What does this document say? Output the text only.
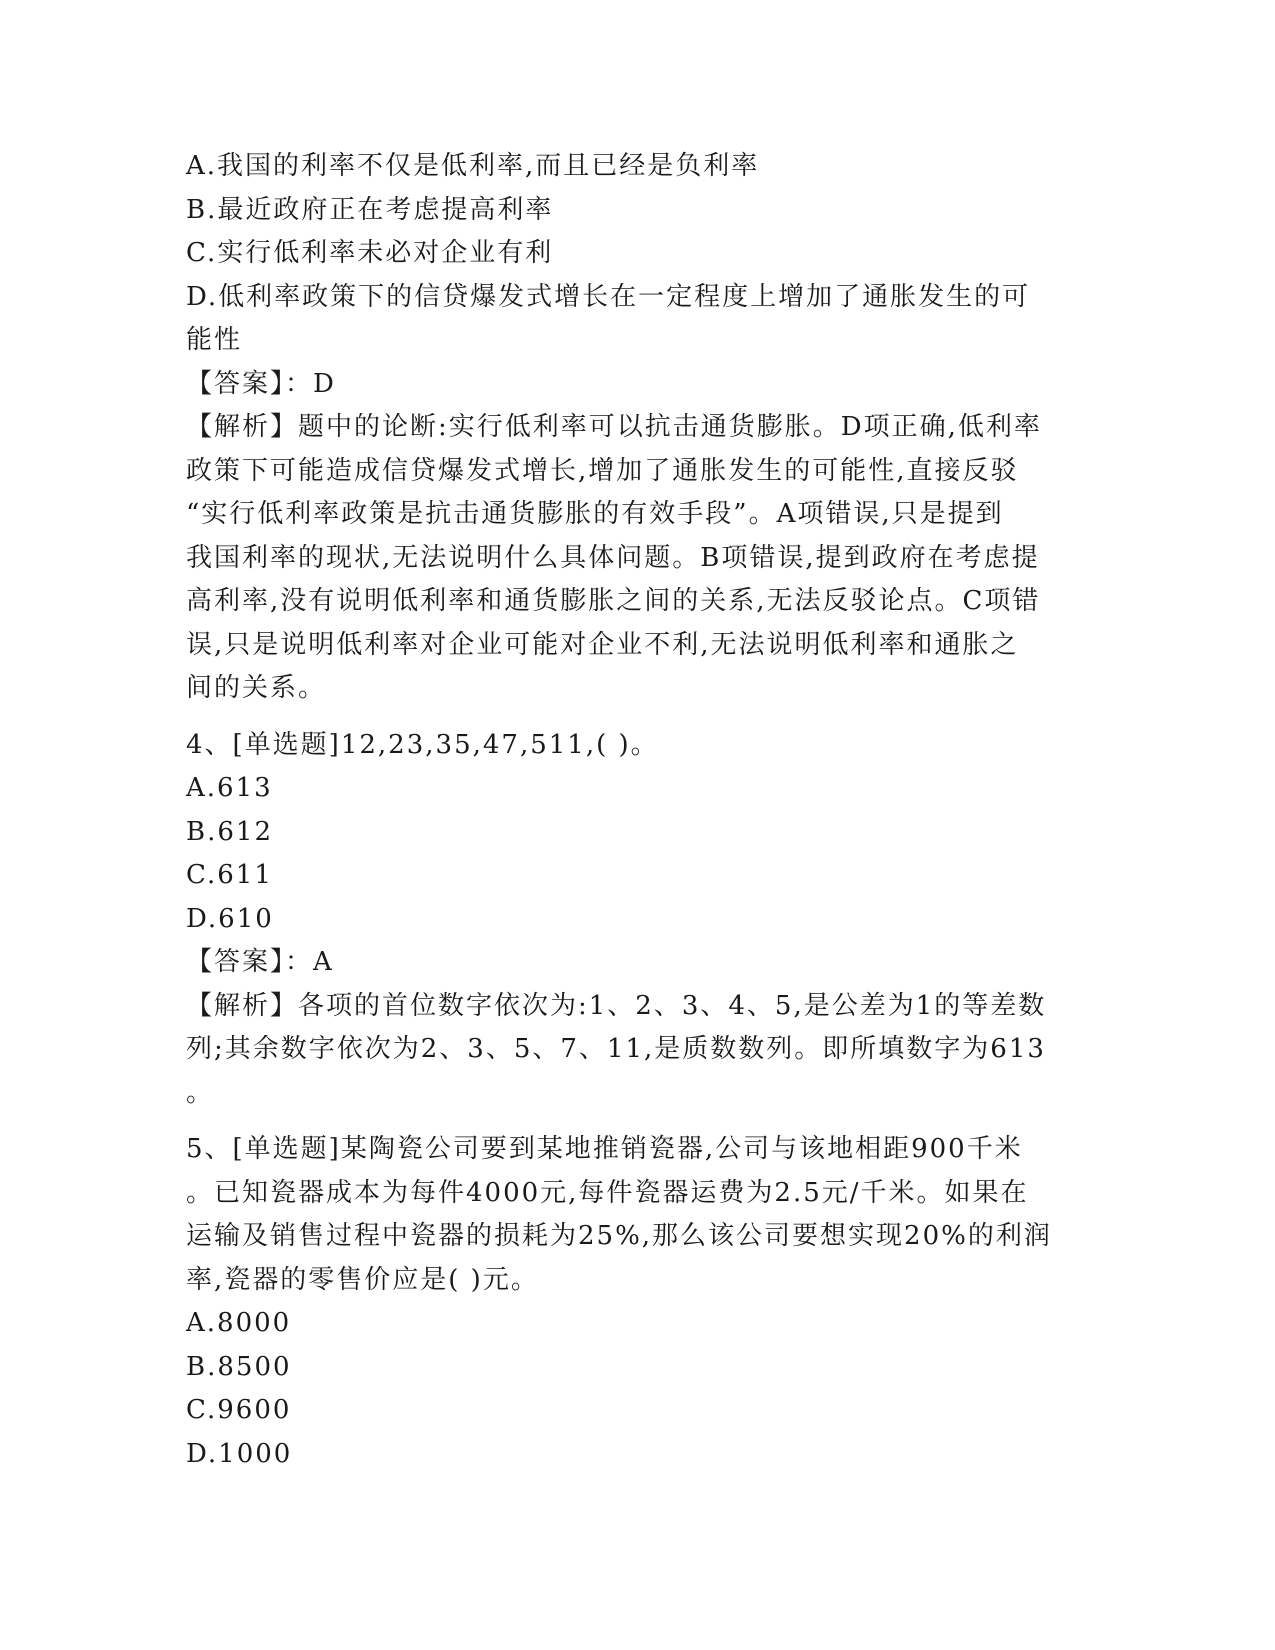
A.我国的利率不仅是低利率,而且已经是负利率
B.最近政府正在考虑提高利率
C.实行低利率未必对企业有利
D.低利率政策下的信贷爆发式增长在一定程度上增加了通胀发生的可
能性
【答案】：D
【解析】题中的论断:实行低利率可以抗击通货膨胀。D项正确,低利率
政策下可能造成信贷爆发式增长,增加了通胀发生的可能性,直接反驳
“实行低利率政策是抗击通货膨胀的有效手段”。A项错误,只是提到
我国利率的现状,无法说明什么具体问题。B项错误,提到政府在考虑提
高利率,没有说明低利率和通货膨胀之间的关系,无法反驳论点。C项错
误,只是说明低利率对企业可能对企业不利,无法说明低利率和通胀之
间的关系。
4、[单选题]12,23,35,47,511,( )。
A.613
B.612
C.611
D.610
【答案】：A
【解析】各项的首位数字依次为:1、2、3、4、5,是公差为1的等差数
列;其余数字依次为2、3、5、7、11,是质数数列。即所填数字为613
。
5、[单选题]某陶瓷公司要到某地推销瓷器,公司与该地相距900千米
。已知瓷器成本为每件4000元,每件瓷器运费为2.5元/千米。如果在
运输及销售过程中瓷器的损耗为25%,那么该公司要想实现20%的利润
率,瓷器的零售价应是( )元。
A.8000
B.8500
C.9600
D.1000
